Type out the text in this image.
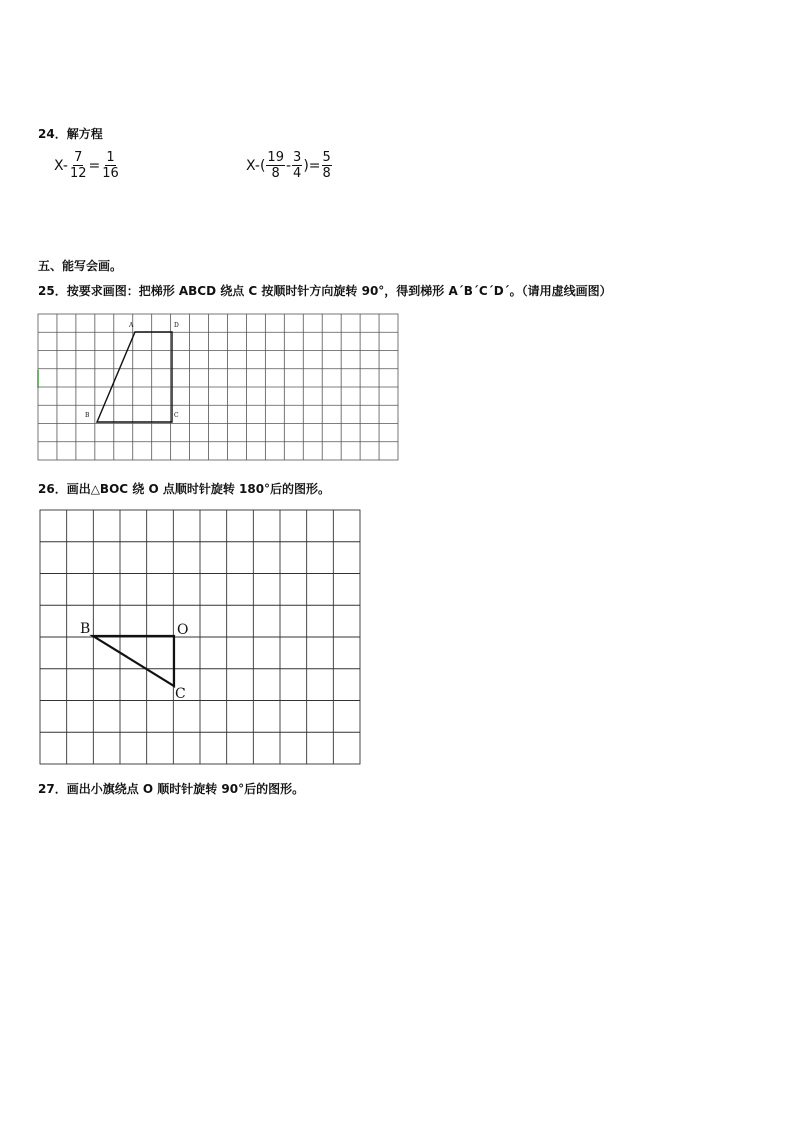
24．解方程
$X- \frac{7}{12} = \frac{1}{16}$	$X-( \frac{19}{8} - \frac{3}{4}$ )= $\frac{5}{8}$
五、能写会画。
25．按要求画图：把梯形 ABCD 绕点 C 按顺时针方向旋转 90°，得到梯形 A´B´C´D´。（请用虚线画图）
A	D
B	C
B	O
C
26．画出△BOC 绕 O 点顺时针旋转 180°后的图形。
27．画出小旗绕点 O 顺时针旋转 90°后的图形。
